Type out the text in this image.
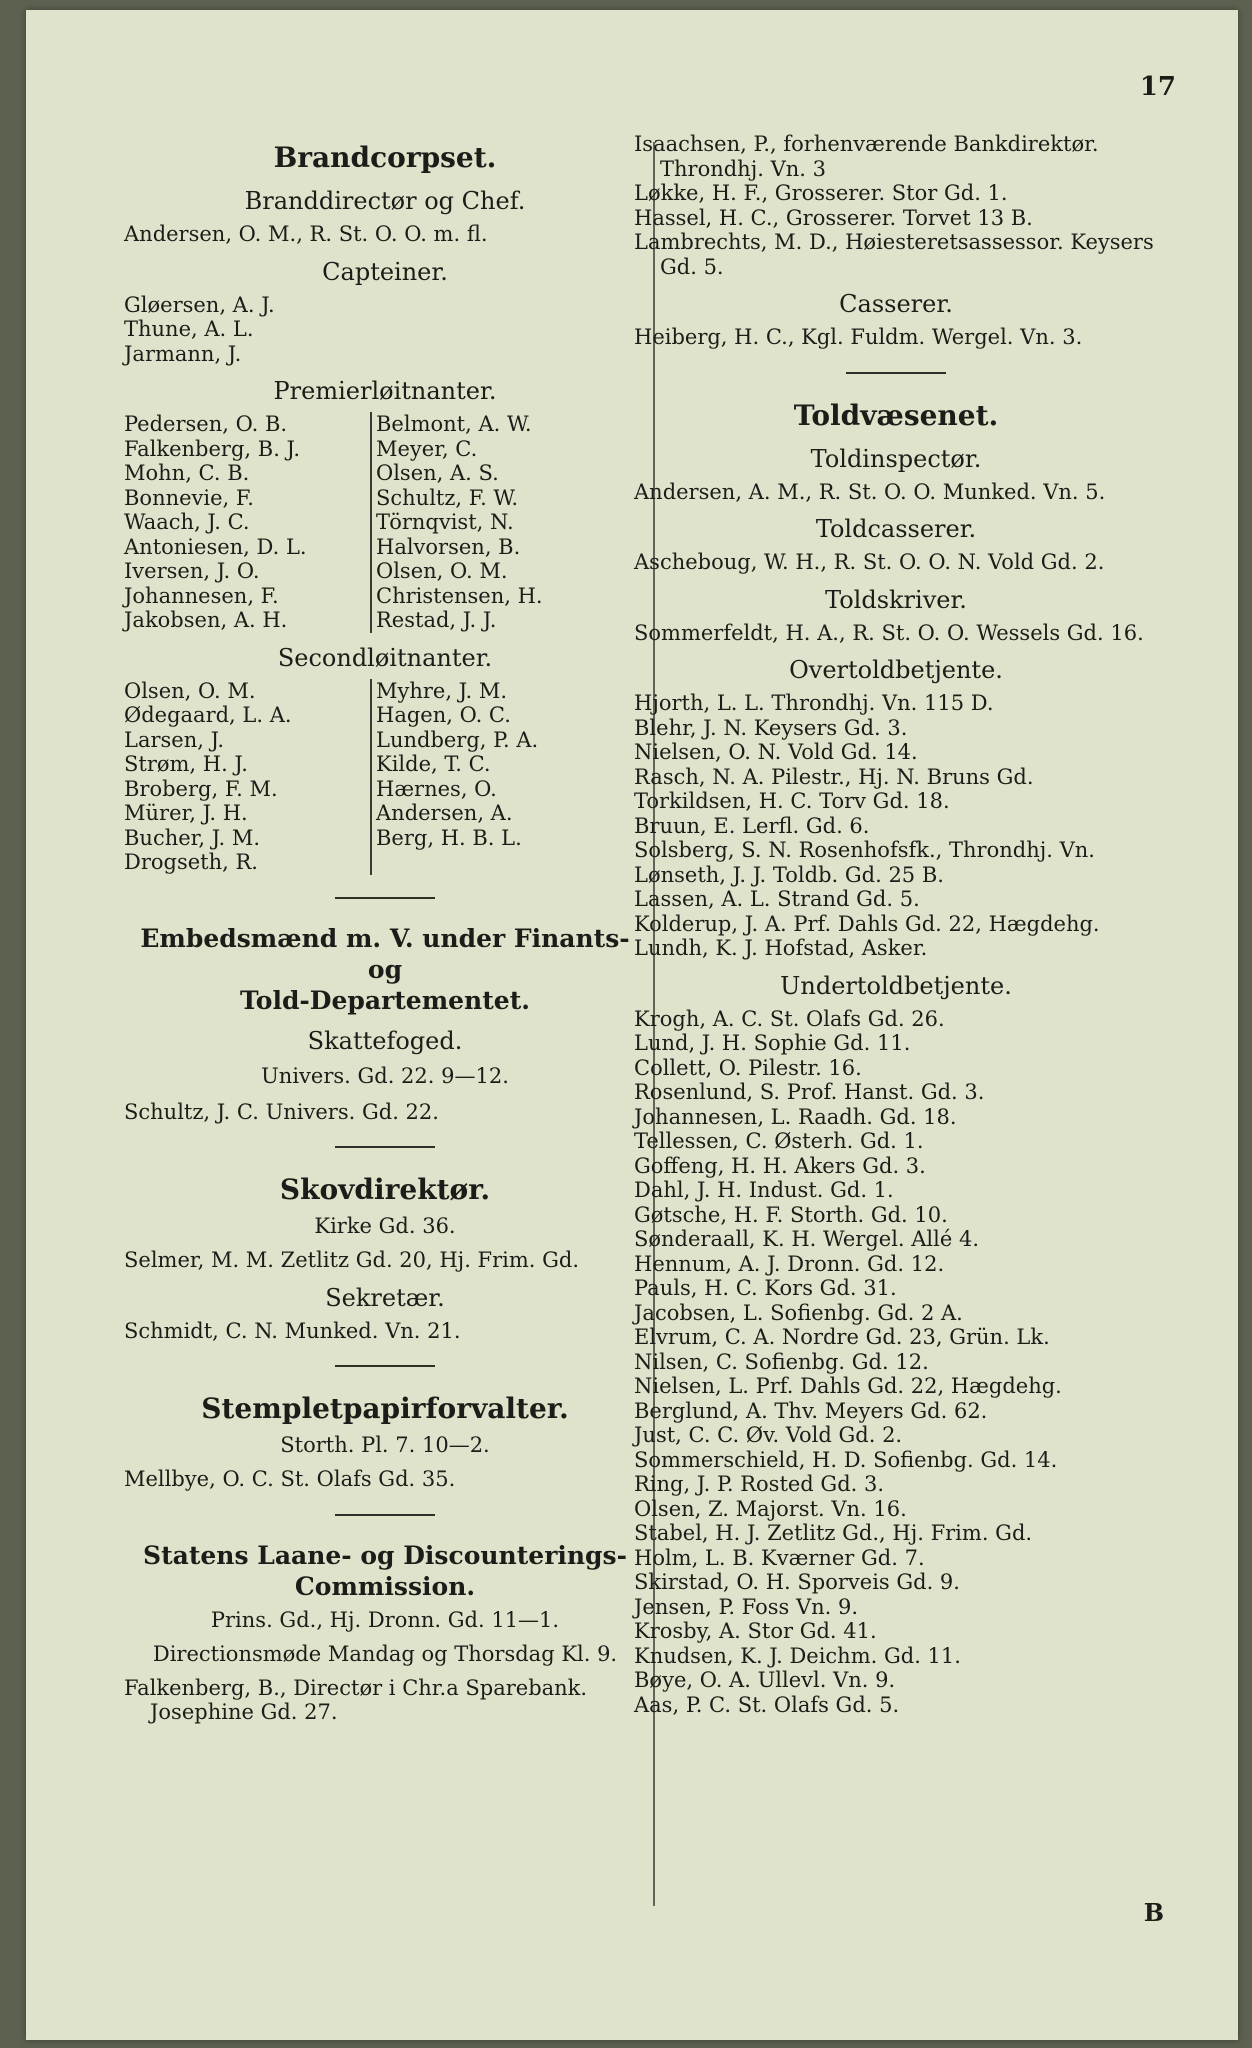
17
Brandcorpset.
Branddirectør og Chef.
Andersen, O. M., R. St. O. O. m. fl.
Capteiner.
Gløersen, A. J.
Thune, A. L.
Jarmann, J.
Premierløitnanter.
Pedersen, O. B.
Falkenberg, B. J.
Mohn, C. B.
Bonnevie, F.
Waach, J. C.
Antoniesen, D. L.
Iversen, J. O.
Johannesen, F.
Jakobsen, A. H.
Belmont, A. W.
Meyer, C.
Olsen, A. S.
Schultz, F. W.
Törnqvist, N.
Halvorsen, B.
Olsen, O. M.
Christensen, H.
Restad, J. J.
Secondløitnanter.
Olsen, O. M.
Ødegaard, L. A.
Larsen, J.
Strøm, H. J.
Broberg, F. M.
Mürer, J. H.
Bucher, J. M.
Drogseth, R.
Myhre, J. M.
Hagen, O. C.
Lundberg, P. A.
Kilde, T. C.
Hærnes, O.
Andersen, A.
Berg, H. B. L.
Embedsmænd m. V. under Finants- og
Told-Departementet.
Skattefoged.
Univers. Gd. 22. 9—12.
Schultz, J. C. Univers. Gd. 22.
Skovdirektør.
Kirke Gd. 36.
Selmer, M. M. Zetlitz Gd. 20, Hj. Frim. Gd.
Sekretær.
Schmidt, C. N. Munked. Vn. 21.
Stempletpapirforvalter.
Storth. Pl. 7. 10—2.
Mellbye, O. C. St. Olafs Gd. 35.
Statens Laane- og Discounterings-
Commission.
Prins. Gd., Hj. Dronn. Gd. 11—1.
Directionsmøde Mandag og Thorsdag Kl. 9.
Falkenberg, B., Directør i Chr.a Sparebank. Josephine Gd. 27.
Isaachsen, P., forhenværende Bankdirektør. Throndhj. Vn. 3
Løkke, H. F., Grosserer. Stor Gd. 1.
Hassel, H. C., Grosserer. Torvet 13 B.
Lambrechts, M. D., Høiesteretsassessor. Keysers Gd. 5.
Casserer.
Heiberg, H. C., Kgl. Fuldm. Wergel. Vn. 3.
Toldvæsenet.
Toldinspectør.
Andersen, A. M., R. St. O. O. Munked. Vn. 5.
Toldcasserer.
Ascheboug, W. H., R. St. O. O. N. Vold Gd. 2.
Toldskriver.
Sommerfeldt, H. A., R. St. O. O. Wessels Gd. 16.
Overtoldbetjente.
Hjorth, L. L. Throndhj. Vn. 115 D.
Blehr, J. N. Keysers Gd. 3.
Nielsen, O. N. Vold Gd. 14.
Rasch, N. A. Pilestr., Hj. N. Bruns Gd.
Torkildsen, H. C. Torv Gd. 18.
Bruun, E. Lerfl. Gd. 6.
Solsberg, S. N. Rosenhofsfk., Throndhj. Vn.
Lønseth, J. J. Toldb. Gd. 25 B.
Lassen, A. L. Strand Gd. 5.
Kolderup, J. A. Prf. Dahls Gd. 22, Hægdehg.
Lundh, K. J. Hofstad, Asker.
Undertoldbetjente.
Krogh, A. C. St. Olafs Gd. 26.
Lund, J. H. Sophie Gd. 11.
Collett, O. Pilestr. 16.
Rosenlund, S. Prof. Hanst. Gd. 3.
Johannesen, L. Raadh. Gd. 18.
Tellessen, C. Østerh. Gd. 1.
Goffeng, H. H. Akers Gd. 3.
Dahl, J. H. Indust. Gd. 1.
Gøtsche, H. F. Storth. Gd. 10.
Sønderaall, K. H. Wergel. Allé 4.
Hennum, A. J. Dronn. Gd. 12.
Pauls, H. C. Kors Gd. 31.
Jacobsen, L. Sofienbg. Gd. 2 A.
Elvrum, C. A. Nordre Gd. 23, Grün. Lk.
Nilsen, C. Sofienbg. Gd. 12.
Nielsen, L. Prf. Dahls Gd. 22, Hægdehg.
Berglund, A. Thv. Meyers Gd. 62.
Just, C. C. Øv. Vold Gd. 2.
Sommerschield, H. D. Sofienbg. Gd. 14.
Ring, J. P. Rosted Gd. 3.
Olsen, Z. Majorst. Vn. 16.
Stabel, H. J. Zetlitz Gd., Hj. Frim. Gd.
Holm, L. B. Kværner Gd. 7.
Skirstad, O. H. Sporveis Gd. 9.
Jensen, P. Foss Vn. 9.
Krosby, A. Stor Gd. 41.
Knudsen, K. J. Deichm. Gd. 11.
Bøye, O. A. Ullevl. Vn. 9.
Aas, P. C. St. Olafs Gd. 5.
B
